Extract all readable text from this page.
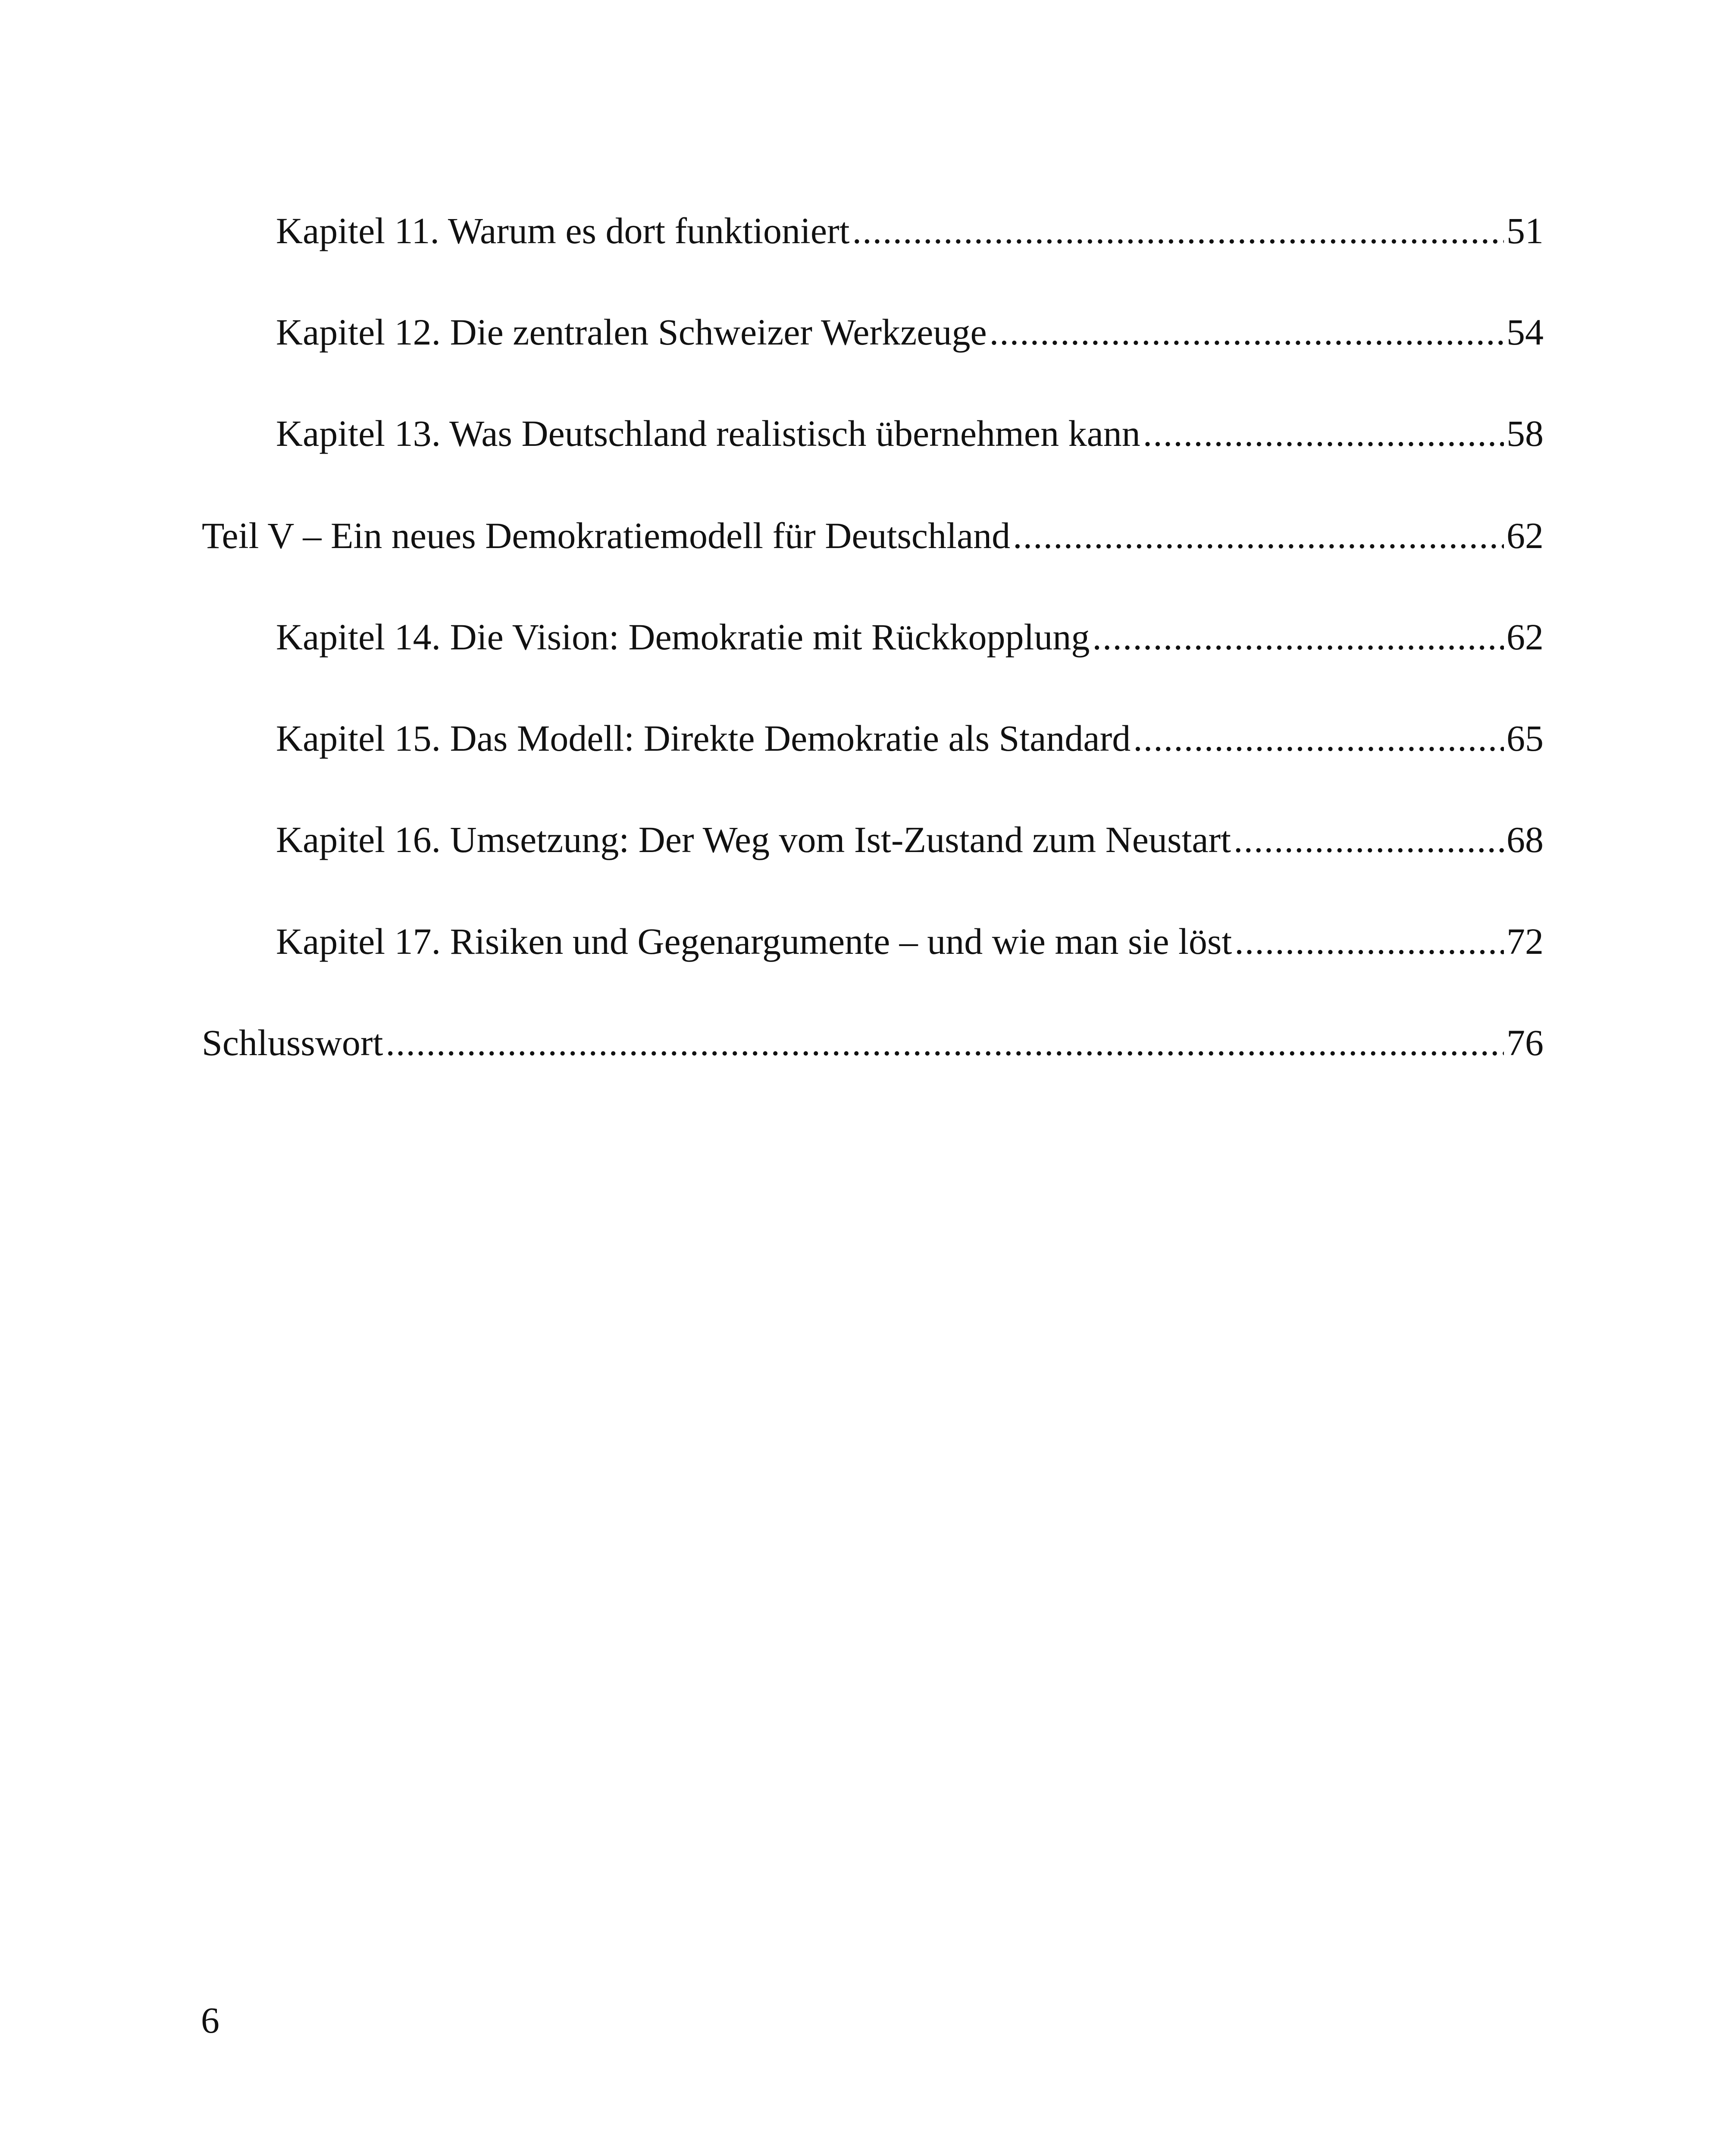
Kapitel 11. Warum es dort funktioniert .....	51
Kapitel 12. Die zentralen Schweizer Werkzeuge .....	54
Kapitel 13. Was Deutschland realistisch übernehmen kann .....	58
Teil V – Ein neues Demokratiemodell für Deutschland .....	62
Kapitel 14. Die Vision: Demokratie mit Rückkopplung .....	62
Kapitel 15. Das Modell: Direkte Demokratie als Standard .....	65
Kapitel 16. Umsetzung: Der Weg vom Ist-Zustand zum Neustart .....	68
Kapitel 17. Risiken und Gegenargumente – und wie man sie löst .....	72
Schlusswort .....	76
6
